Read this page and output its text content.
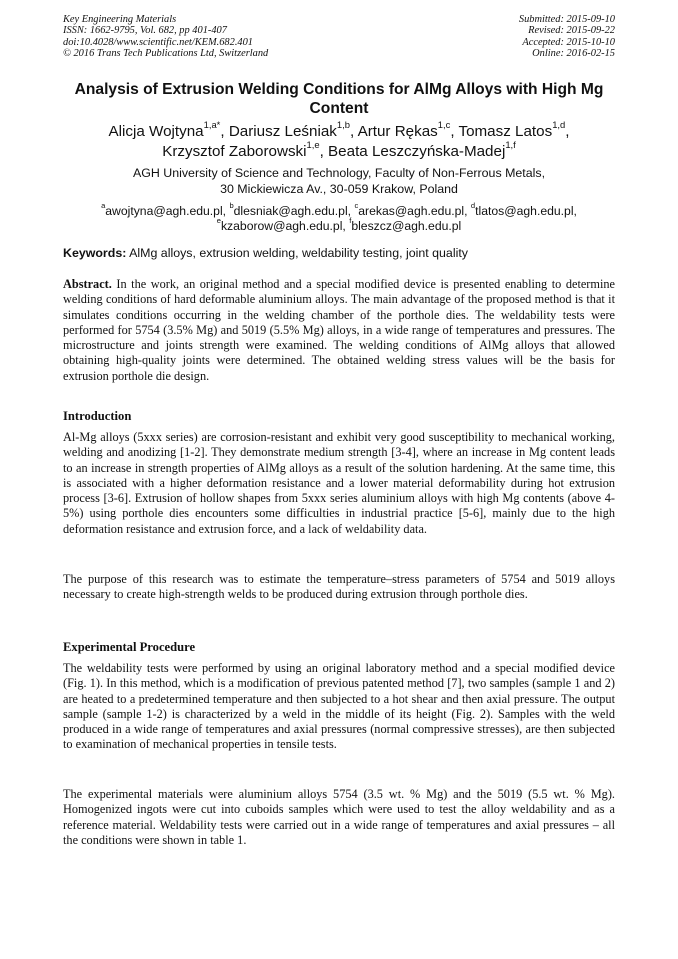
Key Engineering Materials
ISSN: 1662-9795, Vol. 682, pp 401-407
doi:10.4028/www.scientific.net/KEM.682.401
© 2016 Trans Tech Publications Ltd, Switzerland
Submitted: 2015-09-10
Revised: 2015-09-22
Accepted: 2015-10-10
Online: 2016-02-15
Analysis of Extrusion Welding Conditions for AlMg Alloys with High Mg Content
Alicja Wojtyna$^{1,a*}$, Dariusz Leśniak$^{1,b}$, Artur Rękas$^{1,c}$, Tomasz Latos$^{1,d}$,
Krzysztof Zaborowski$^{1,e}$, Beata Leszczyńska-Madej$^{1,f}$
AGH University of Science and Technology, Faculty of Non-Ferrous Metals,
30 Mickiewicza Av., 30-059 Krakow, Poland
$^a$awojtyna@agh.edu.pl, $^b$dlesniak@agh.edu.pl, $^c$arekas@agh.edu.pl, $^d$tlatos@agh.edu.pl,
$^e$kzaborow@agh.edu.pl, $^f$bleszcz@agh.edu.pl
Keywords: AlMg alloys, extrusion welding, weldability testing, joint quality
Abstract. In the work, an original method and a special modified device is presented enabling to determine welding conditions of hard deformable aluminium alloys. The main advantage of the proposed method is that it simulates conditions occurring in the welding chamber of the porthole dies. The weldability tests were performed for 5754 (3.5% Mg) and 5019 (5.5% Mg) alloys, in a wide range of temperatures and pressures. The microstructure and joints strength were examined. The welding conditions of AlMg alloys that allowed obtaining high-quality joints were determined. The obtained welding stress values will be the basis for extrusion porthole die design.
Introduction
Al-Mg alloys (5xxx series) are corrosion-resistant and exhibit very good susceptibility to mechanical working, welding and anodizing [1-2]. They demonstrate medium strength [3-4], where an increase in Mg content leads to an increase in strength properties of AlMg alloys as a result of the solution hardening. At the same time, this is associated with a higher deformation resistance and a lower material deformability during hot extrusion process [3-6]. Extrusion of hollow shapes from 5xxx series aluminium alloys with high Mg contents (above 4-5%) using porthole dies encounters some difficulties in industrial practice [5-6], mainly due to the high deformation resistance and extrusion force, and a lack of weldability data.
The purpose of this research was to estimate the temperature–stress parameters of 5754 and 5019 alloys necessary to create high-strength welds to be produced during extrusion through porthole dies.
Experimental Procedure
The weldability tests were performed by using an original laboratory method and a special modified device (Fig. 1). In this method, which is a modification of previous patented method [7], two samples (sample 1 and 2) are heated to a predetermined temperature and then subjected to a hot shear and then axial pressure. The output sample (sample 1-2) is characterized by a weld in the middle of its height (Fig. 2). Samples with the weld produced in a wide range of temperatures and axial pressures (normal compressive stresses), are then subjected to examination of mechanical properties in tensile tests.
The experimental materials were aluminium alloys 5754 (3.5 wt. % Mg) and the 5019 (5.5 wt. % Mg). Homogenized ingots were cut into cuboids samples which were used to test the alloy weldability and as a reference material. Weldability tests were carried out in a wide range of temperatures and axial pressures – all the conditions were shown in table 1.
